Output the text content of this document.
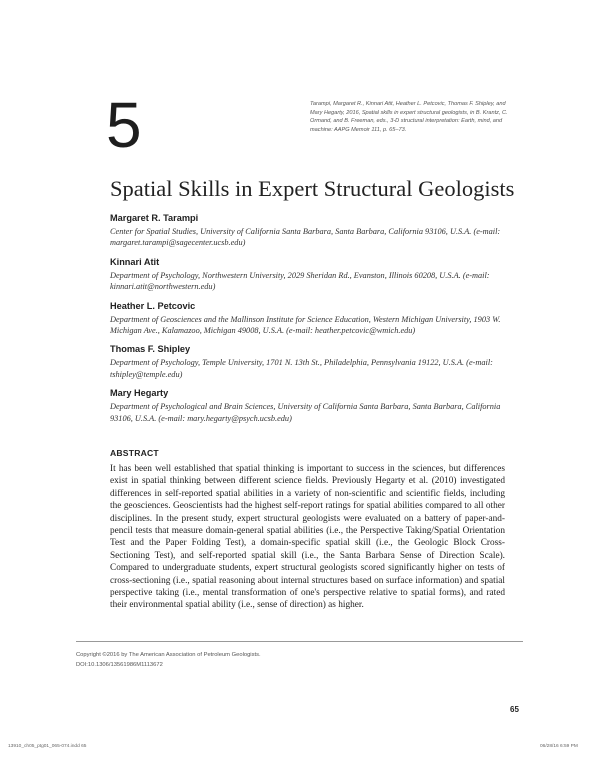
5	Tarampi, Margaret R., Kinnari Atit, Heather L. Petcovic, Thomas F. Shipley, and Mary Hegarty, 2016, Spatial skills in expert structural geologists, in B. Krantz, C. Ormand, and B. Freeman, eds., 3-D structural interpretation: Earth, mind, and machine: AAPG Memoir 111, p. 65–73.
Spatial Skills in Expert Structural Geologists
Margaret R. Tarampi
Center for Spatial Studies, University of California Santa Barbara, Santa Barbara, California 93106, U.S.A. (e-mail: margaret.tarampi@sagecenter.ucsb.edu)
Kinnari Atit
Department of Psychology, Northwestern University, 2029 Sheridan Rd., Evanston, Illinois 60208, U.S.A. (e-mail: kinnari.atit@northwestern.edu)
Heather L. Petcovic
Department of Geosciences and the Mallinson Institute for Science Education, Western Michigan University, 1903 W. Michigan Ave., Kalamazoo, Michigan 49008, U.S.A. (e-mail: heather.petcovic@wmich.edu)
Thomas F. Shipley
Department of Psychology, Temple University, 1701 N. 13th St., Philadelphia, Pennsylvania 19122, U.S.A. (e-mail: tshipley@temple.edu)
Mary Hegarty
Department of Psychological and Brain Sciences, University of California Santa Barbara, Santa Barbara, California 93106, U.S.A. (e-mail: mary.hegarty@psych.ucsb.edu)
ABSTRACT
It has been well established that spatial thinking is important to success in the sciences, but differences exist in spatial thinking between different science fields. Previously Hegarty et al. (2010) investigated differences in self-reported spatial abilities in a variety of non-scientific and scientific fields, including the geosciences. Geoscientists had the highest self-report ratings for spatial abilities compared to all other disciplines. In the present study, expert structural geologists were evaluated on a battery of paper-and-pencil tests that measure domain-general spatial abilities (i.e., the Perspective Taking/Spatial Orientation Test and the Paper Folding Test), a domain-specific spatial skill (i.e., the Geologic Block Cross-Sectioning Test), and self-reported spatial skill (i.e., the Santa Barbara Sense of Direction Scale). Compared to undergraduate students, expert structural geologists scored significantly higher on tests of cross-sectioning (i.e., spatial reasoning about internal structures based on surface information) and spatial perspective taking (i.e., mental transformation of one's perspective relative to spatial forms), and rated their environmental spatial ability (i.e., sense of direction) as higher.
Copyright ©2016 by The American Association of Petroleum Geologists.
DOI:10.1306/13561986M1113672
65
13910_ch05_ptg01_065-074.indd 65	06/28/16 6:59 PM
